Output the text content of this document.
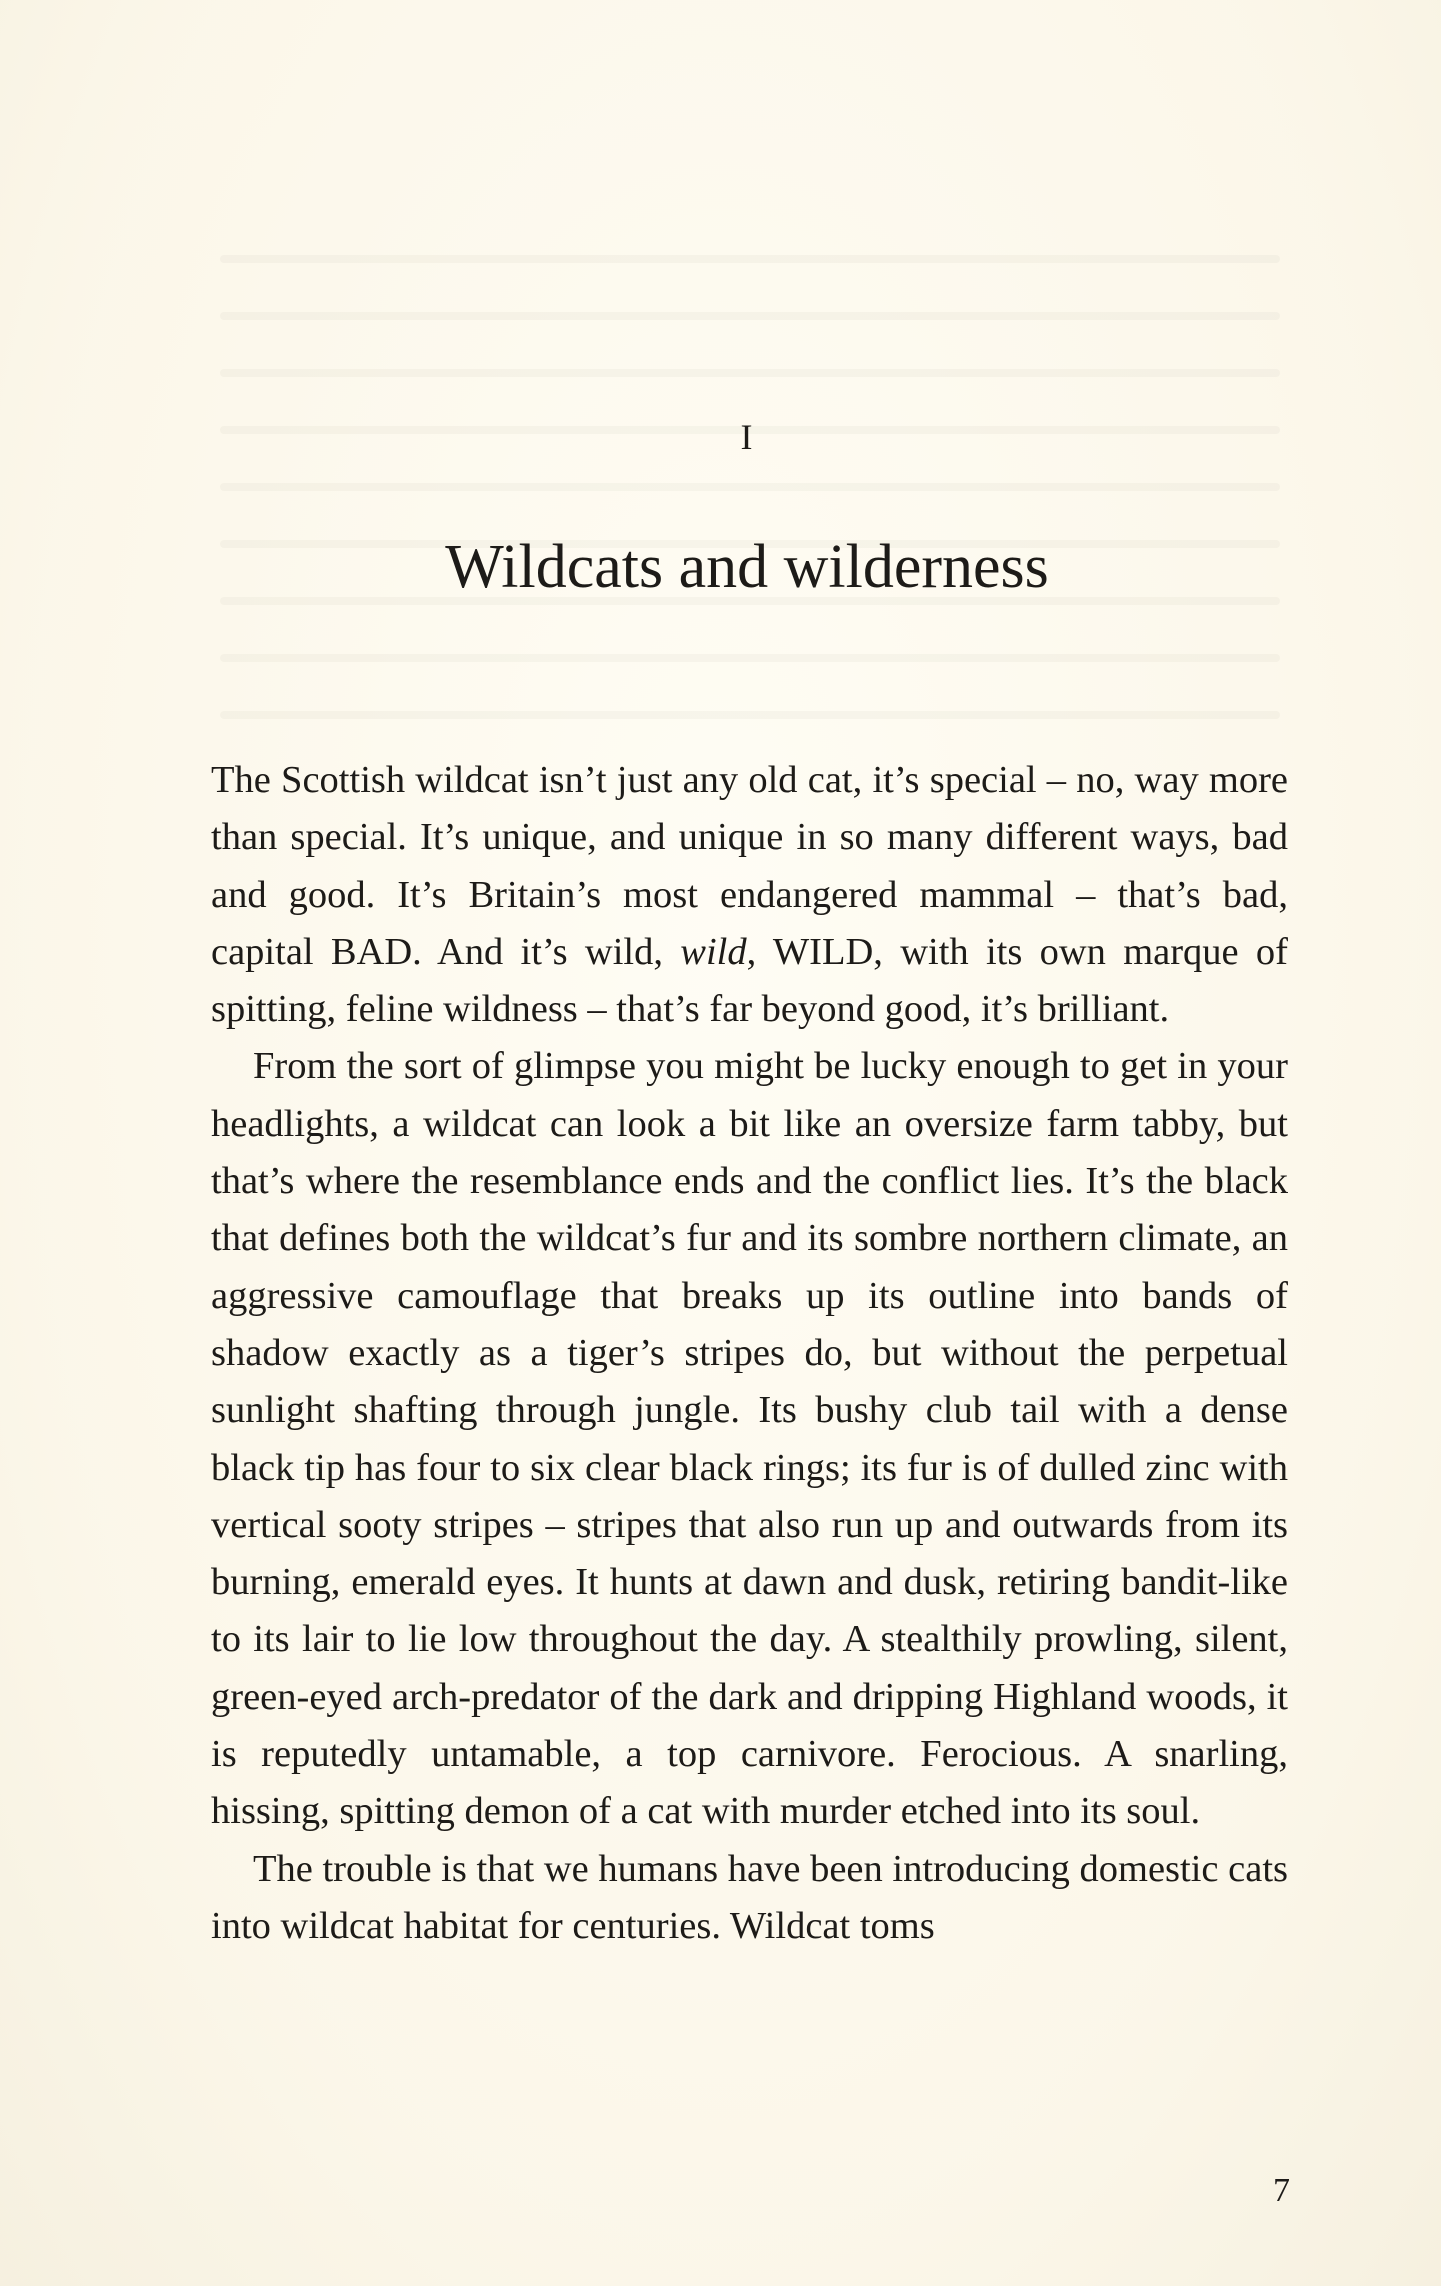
I
Wildcats and wilderness

The Scottish wildcat isn’t just any old cat, it’s special – no, way more than special. It’s unique, and unique in so many different ways, bad and good. It’s Britain’s most endangered mammal – that’s bad, capital BAD. And it’s wild, wild, WILD, with its own marque of spitting, feline wildness – that’s far beyond good, it’s brilliant.

From the sort of glimpse you might be lucky enough to get in your headlights, a wildcat can look a bit like an oversize farm tabby, but that’s where the resemblance ends and the conflict lies. It’s the black that defines both the wildcat’s fur and its sombre northern climate, an aggressive camouflage that breaks up its outline into bands of shadow exactly as a tiger’s stripes do, but without the perpetual sunlight shafting through jungle. Its bushy club tail with a dense black tip has four to six clear black rings; its fur is of dulled zinc with vertical sooty stripes – stripes that also run up and outwards from its burning, emerald eyes. It hunts at dawn and dusk, retiring bandit-like to its lair to lie low throughout the day. A stealthily prowling, silent, green-eyed arch-predator of the dark and dripping Highland woods, it is reputedly untamable, a top carnivore. Ferocious. A snarling, hissing, spitting demon of a cat with murder etched into its soul.

The trouble is that we humans have been introducing domestic cats into wildcat habitat for centuries. Wildcat toms

7
